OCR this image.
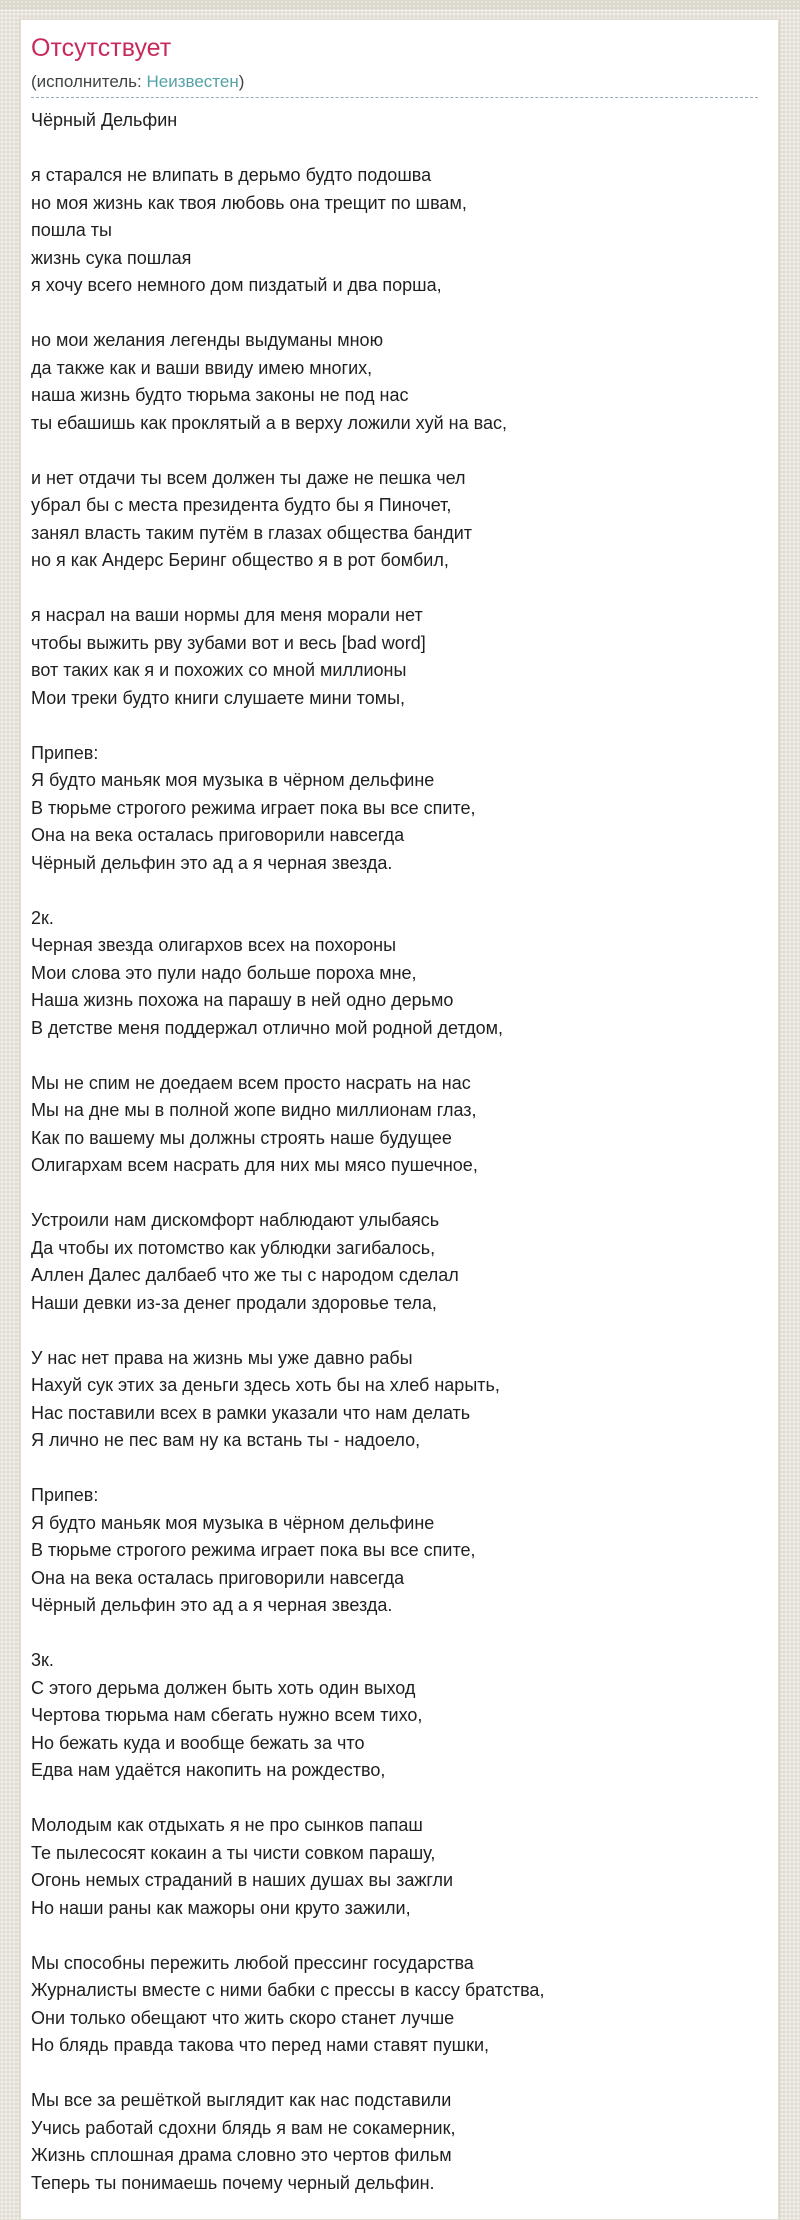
Отсутствует
(исполнитель: Неизвестен)

Чёрный Дельфин

я старался не влипать в дерьмо будто подошва
но моя жизнь как твоя любовь она трещит по швам,
пошла ты
жизнь сука пошлая
я хочу всего немного дом пиздатый и два порша,

но мои желания легенды выдуманы мною
да также как и ваши ввиду имею многих,
наша жизнь будто тюрьма законы не под нас
ты ебашишь как проклятый а в верху ложили хуй на вас,

и нет отдачи ты всем должен ты даже не пешка чел
убрал бы с места президента будто бы я Пиночет,
занял власть таким путём в глазах общества бандит
но я как Андерс Беринг общество я в рот бомбил,

я насрал на ваши нормы для меня морали нет
чтобы выжить рву зубами вот и весь [bad word]
вот таких как я и похожих со мной миллионы
Мои треки будто книги слушаете мини томы,

Припев:
Я будто маньяк моя музыка в чёрном дельфине
В тюрьме строгого режима играет пока вы все спите,
Она на века осталась приговорили навсегда
Чёрный дельфин это ад а я черная звезда.

2к.
Черная звезда олигархов всех на похороны
Мои слова это пули надо больше пороха мне,
Наша жизнь похожа на парашу в ней одно дерьмо
В детстве меня поддержал отлично мой родной детдом,

Мы не спим не доедаем всем просто насрать на нас
Мы на дне мы в полной жопе видно миллионам глаз,
Как по вашему мы должны строять наше будущее
Олигархам всем насрать для них мы мясо пушечное,

Устроили нам дискомфорт наблюдают улыбаясь
Да чтобы их потомство как ублюдки загибалось,
Аллен Далес далбаеб что же ты с народом сделал
Наши девки из-за денег продали здоровье тела,

У нас нет права на жизнь мы уже давно рабы
Нахуй сук этих за деньги здесь хоть бы на хлеб нарыть,
Нас поставили всех в рамки указали что нам делать
Я лично не пес вам ну ка встань ты - надоело,

Припев:
Я будто маньяк моя музыка в чёрном дельфине
В тюрьме строгого режима играет пока вы все спите,
Она на века осталась приговорили навсегда
Чёрный дельфин это ад а я черная звезда.

3к.
С этого дерьма должен быть хоть один выход
Чертова тюрьма нам сбегать нужно всем тихо,
Но бежать куда и вообще бежать за что
Едва нам удаётся накопить на рождество,

Молодым как отдыхать я не про сынков папаш
Те пылесосят кокаин а ты чисти совком парашу,
Огонь немых страданий в наших душах вы зажгли
Но наши раны как мажоры они круто зажили,

Мы способны пережить любой прессинг государства
Журналисты вместе с ними бабки с прессы в кассу братства,
Они только обещают что жить скоро станет лучше
Но блядь правда такова что перед нами ставят пушки,

Мы все за решёткой выглядит как нас подставили
Учись работай сдохни блядь я вам не сокамерник,
Жизнь сплошная драма словно это чертов фильм
Теперь ты понимаешь почему черный дельфин.
